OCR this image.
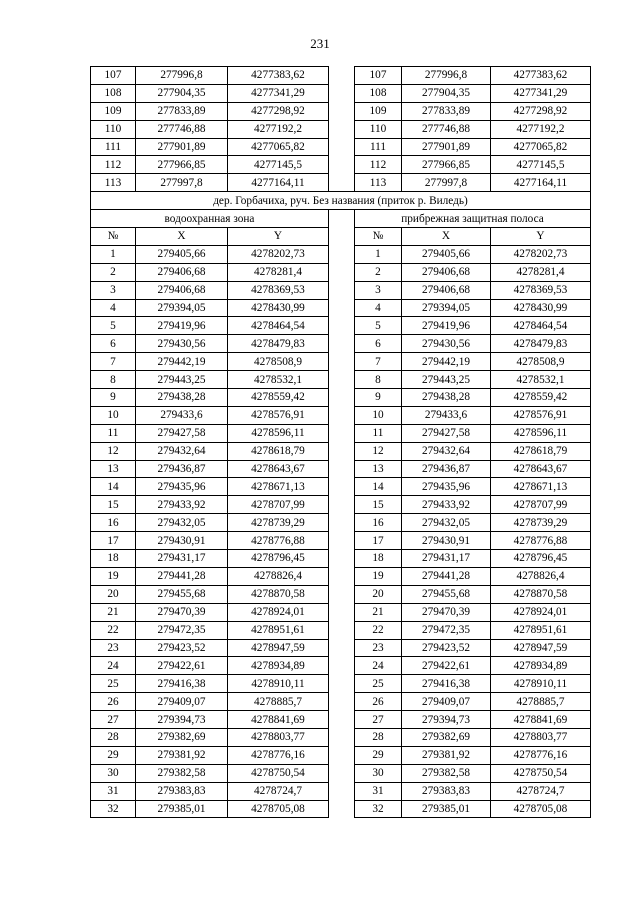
231
107	277996,8	4277383,62		107	277996,8	4277383,62
108	277904,35	4277341,29		108	277904,35	4277341,29
109	277833,89	4277298,92		109	277833,89	4277298,92
110	277746,88	4277192,2		110	277746,88	4277192,2
111	277901,89	4277065,82		111	277901,89	4277065,82
112	277966,85	4277145,5		112	277966,85	4277145,5
113	277997,8	4277164,11		113	277997,8	4277164,11
дер. Горбачиха, руч. Без названия (приток р. Виледь)						
водоохранная зона				прибрежная защитная полоса		
№	X	Y		№	X	Y
1	279405,66	4278202,73		1	279405,66	4278202,73
2	279406,68	4278281,4		2	279406,68	4278281,4
3	279406,68	4278369,53		3	279406,68	4278369,53
4	279394,05	4278430,99		4	279394,05	4278430,99
5	279419,96	4278464,54		5	279419,96	4278464,54
6	279430,56	4278479,83		6	279430,56	4278479,83
7	279442,19	4278508,9		7	279442,19	4278508,9
8	279443,25	4278532,1		8	279443,25	4278532,1
9	279438,28	4278559,42		9	279438,28	4278559,42
10	279433,6	4278576,91		10	279433,6	4278576,91
11	279427,58	4278596,11		11	279427,58	4278596,11
12	279432,64	4278618,79		12	279432,64	4278618,79
13	279436,87	4278643,67		13	279436,87	4278643,67
14	279435,96	4278671,13		14	279435,96	4278671,13
15	279433,92	4278707,99		15	279433,92	4278707,99
16	279432,05	4278739,29		16	279432,05	4278739,29
17	279430,91	4278776,88		17	279430,91	4278776,88
18	279431,17	4278796,45		18	279431,17	4278796,45
19	279441,28	4278826,4		19	279441,28	4278826,4
20	279455,68	4278870,58		20	279455,68	4278870,58
21	279470,39	4278924,01		21	279470,39	4278924,01
22	279472,35	4278951,61		22	279472,35	4278951,61
23	279423,52	4278947,59		23	279423,52	4278947,59
24	279422,61	4278934,89		24	279422,61	4278934,89
25	279416,38	4278910,11		25	279416,38	4278910,11
26	279409,07	4278885,7		26	279409,07	4278885,7
27	279394,73	4278841,69		27	279394,73	4278841,69
28	279382,69	4278803,77		28	279382,69	4278803,77
29	279381,92	4278776,16		29	279381,92	4278776,16
30	279382,58	4278750,54		30	279382,58	4278750,54
31	279383,83	4278724,7		31	279383,83	4278724,7
32	279385,01	4278705,08		32	279385,01	4278705,08
